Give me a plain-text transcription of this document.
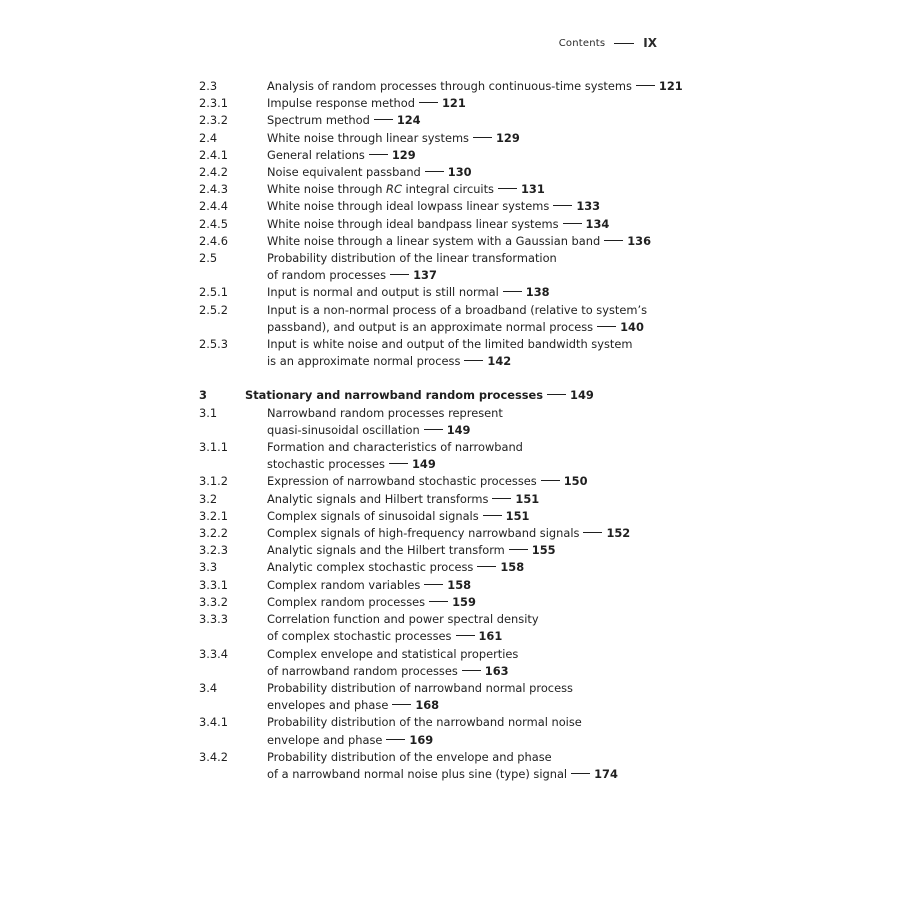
Contents	IX
2.3	Analysis of random processes through continuous-time systems 121
2.3.1	Impulse response method 121
2.3.2	Spectrum method 124
2.4	White noise through linear systems 129
2.4.1	General relations 129
2.4.2	Noise equivalent passband 130
2.4.3	White noise through RC integral circuits 131
2.4.4	White noise through ideal lowpass linear systems 133
2.4.5	White noise through ideal bandpass linear systems 134
2.4.6	White noise through a linear system with a Gaussian band 136
2.5	Probability distribution of the linear transformation
of random processes 137
2.5.1	Input is normal and output is still normal 138
2.5.2	Input is a non-normal process of a broadband (relative to system’s
passband), and output is an approximate normal process 140
2.5.3	Input is white noise and output of the limited bandwidth system
is an approximate normal process 142
3	Stationary and narrowband random processes 149
3.1	Narrowband random processes represent
quasi-sinusoidal oscillation 149
3.1.1	Formation and characteristics of narrowband
stochastic processes 149
3.1.2	Expression of narrowband stochastic processes 150
3.2	Analytic signals and Hilbert transforms 151
3.2.1	Complex signals of sinusoidal signals 151
3.2.2	Complex signals of high-frequency narrowband signals 152
3.2.3	Analytic signals and the Hilbert transform 155
3.3	Analytic complex stochastic process 158
3.3.1	Complex random variables 158
3.3.2	Complex random processes 159
3.3.3	Correlation function and power spectral density
of complex stochastic processes 161
3.3.4	Complex envelope and statistical properties
of narrowband random processes 163
3.4	Probability distribution of narrowband normal process
envelopes and phase 168
3.4.1	Probability distribution of the narrowband normal noise
envelope and phase 169
3.4.2	Probability distribution of the envelope and phase
of a narrowband normal noise plus sine (type) signal 174
